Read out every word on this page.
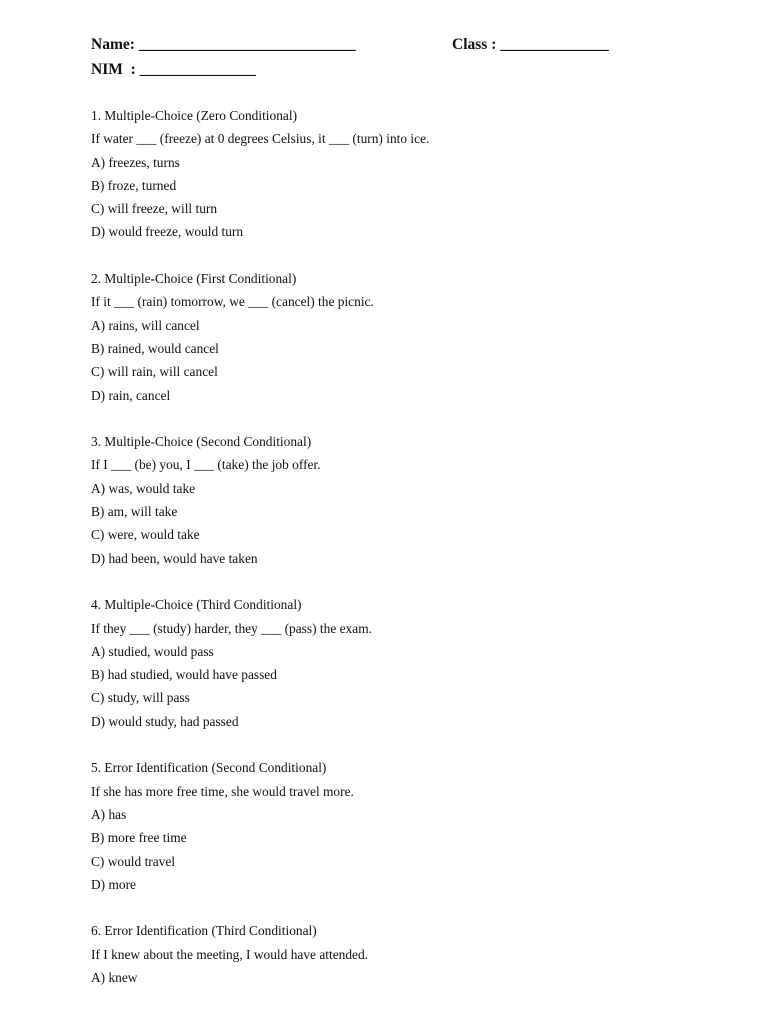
Name: ____________________________	Class : ______________
NIM  : _______________
1. Multiple-Choice (Zero Conditional)
If water ___ (freeze) at 0 degrees Celsius, it ___ (turn) into ice.
A) freezes, turns
B) froze, turned
C) will freeze, will turn
D) would freeze, would turn
2. Multiple-Choice (First Conditional)
If it ___ (rain) tomorrow, we ___ (cancel) the picnic.
A) rains, will cancel
B) rained, would cancel
C) will rain, will cancel
D) rain, cancel
3. Multiple-Choice (Second Conditional)
If I ___ (be) you, I ___ (take) the job offer.
A) was, would take
B) am, will take
C) were, would take
D) had been, would have taken
4. Multiple-Choice (Third Conditional)
If they ___ (study) harder, they ___ (pass) the exam.
A) studied, would pass
B) had studied, would have passed
C) study, will pass
D) would study, had passed
5. Error Identification (Second Conditional)
If she has more free time, she would travel more.
A) has
B) more free time
C) would travel
D) more
6. Error Identification (Third Conditional)
If I knew about the meeting, I would have attended.
A) knew
